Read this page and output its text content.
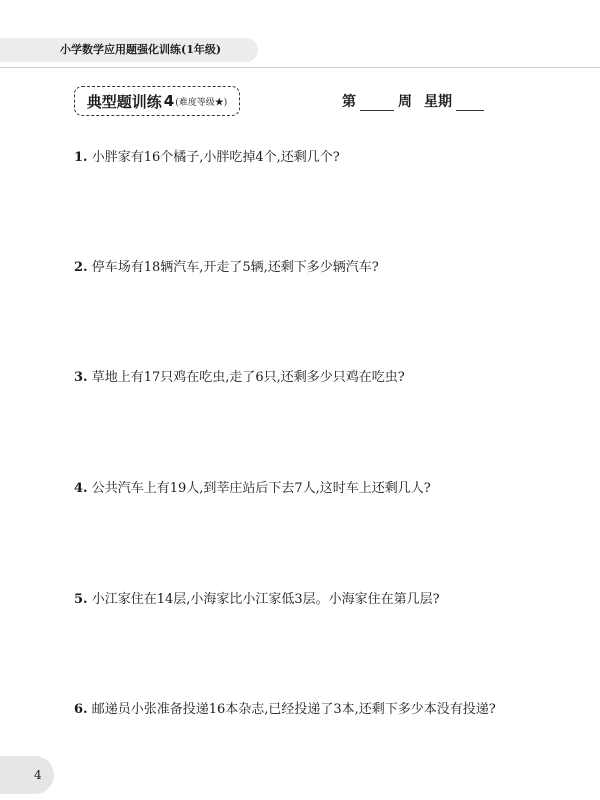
小学数学应用题强化训练(1年级)
典型题训练 4 (难度等级★)	第	周 星期
1. 小胖家有16个橘子,小胖吃掉4个,还剩几个?
2. 停车场有18辆汽车,开走了5辆,还剩下多少辆汽车?
3. 草地上有17只鸡在吃虫,走了6只,还剩多少只鸡在吃虫?
4. 公共汽车上有19人,到莘庄站后下去7人,这时车上还剩几人?
5. 小江家住在14层,小海家比小江家低3层。小海家住在第几层?
6. 邮递员小张准备投递16本杂志,已经投递了3本,还剩下多少本没有投递?
4
